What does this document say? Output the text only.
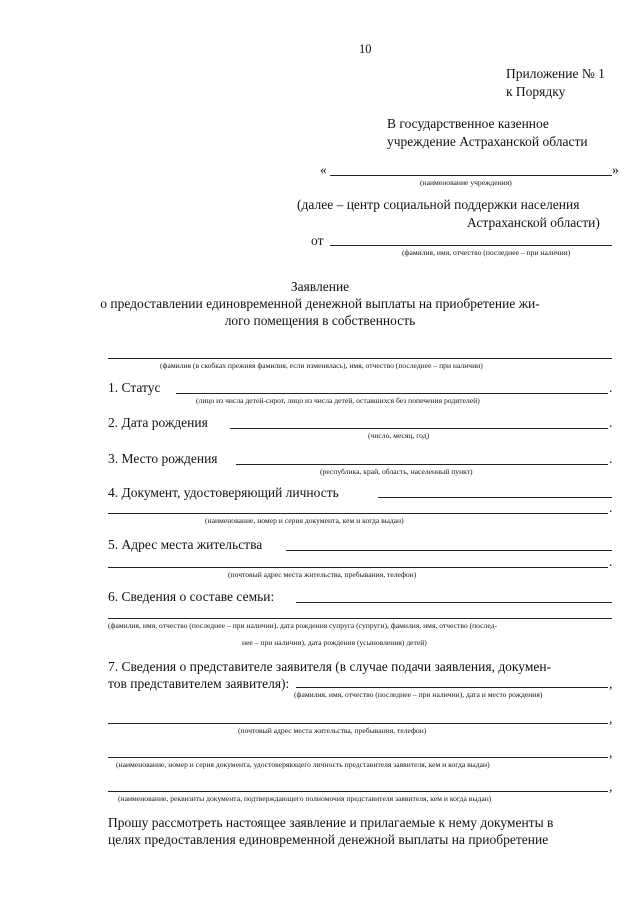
10
Приложение № 1
к Порядку
В государственное казенное
учреждение Астраханской области
«	»
(наименование учреждения)
(далее – центр социальной поддержки населения
Астраханской области)
от
(фамилия, имя, отчество (последнее – при наличии)
Заявление
о предоставлении единовременной денежной выплаты на приобретение жи-
лого помещения в собственность
(фамилия (в скобках прежняя фамилия, если изменялась), имя, отчество (последнее – при наличии)
1. Статус	.
(лицо из числа детей-сирот, лицо из числа детей, оставшихся без попечения родителей)
2. Дата рождения	.
(число, месяц, год)
3. Место рождения	.
(республика, край, область, населенный пункт)
4. Документ, удостоверяющий личность
.
(наименование, номер и серия документа, кем и когда выдан)
5. Адрес места жительства
.
(почтовый адрес места жительства, пребывания, телефон)
6. Сведения о составе семьи:
(фамилия, имя, отчество (последнее – при наличии), дата рождения супруга (супруги), фамилия, имя, отчество (послед-
нее – при наличии), дата рождения (усыновления) детей)
7. Сведения о представителе заявителя (в случае подачи заявления, докумен-
тов представителем заявителя):	,
(фамилия, имя, отчество (последнее – при наличии), дата и место рождения)
,
(почтовый адрес места жительства, пребывания, телефон)
,
(наименование, номер и серия документа, удостоверяющего личность представителя заявителя, кем и когда выдан)
,
(наименование, реквизиты документа, подтверждающего полномочия представителя заявителя, кем и когда выдан)
Прошу рассмотреть настоящее заявление и прилагаемые к нему документы в
целях предоставления единовременной денежной выплаты на приобретение
